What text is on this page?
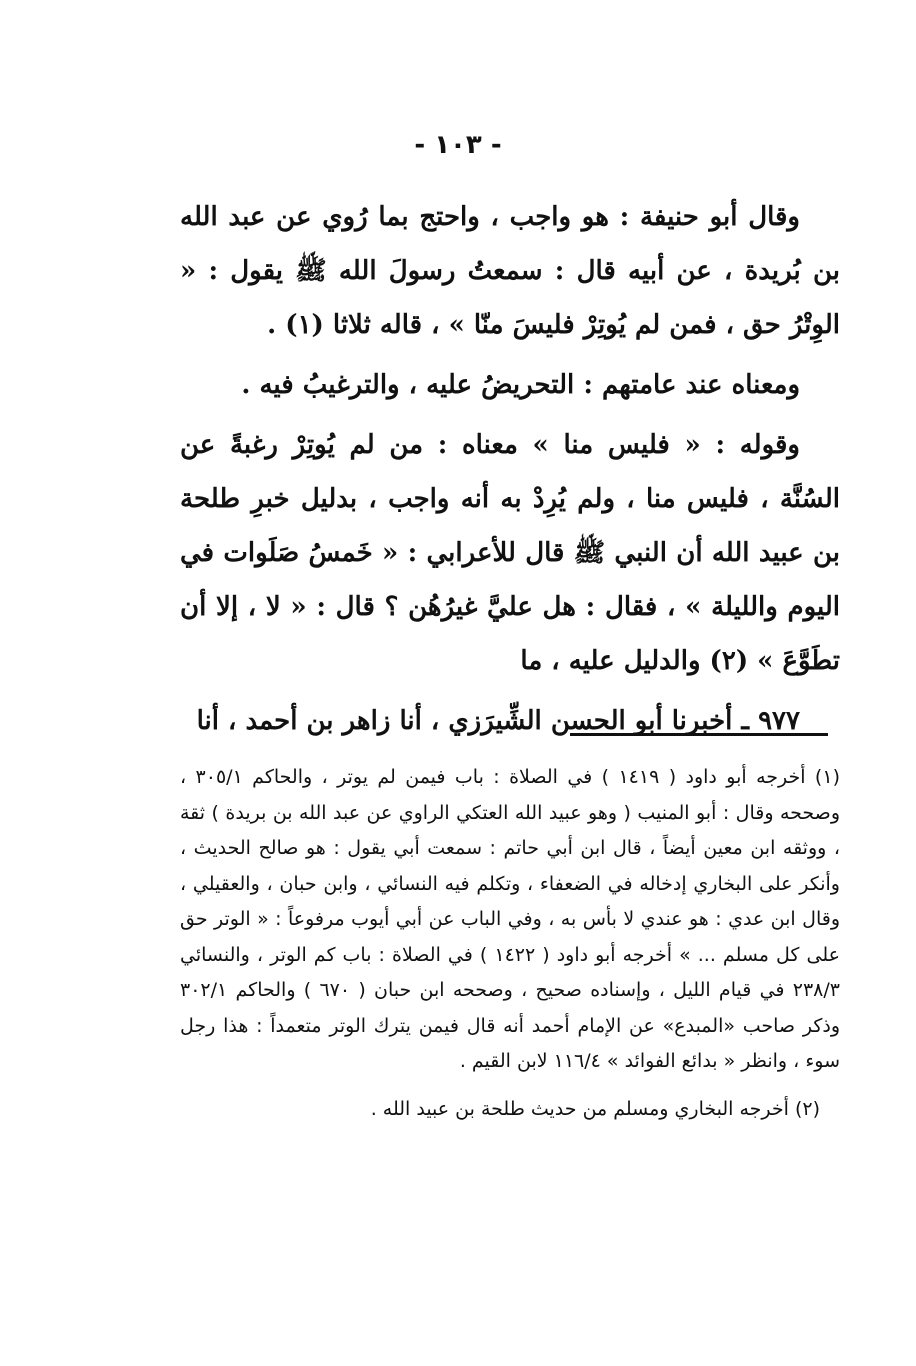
- ١٠٣ -

وقال أبو حنيفة : هو واجب ، واحتج بما رُوي عن عبد الله بن بُريدة ، عن أبيه قال : سمعتُ رسولَ الله ﷺ يقول : « الوِتْرُ حق ، فمن لم يُوتِرْ فليسَ منّا » ، قاله ثلاثا (١) .

ومعناه عند عامتهم : التحريضُ عليه ، والترغيبُ فيه .

وقوله : « فليس منا » معناه : من لم يُوتِرْ رغبةً عن السُنَّة ، فليس منا ، ولم يُرِدْ به أنه واجب ، بدليل خبرِ طلحة بن عبيد الله أن النبي ﷺ قال للأعرابي : « خَمسُ صَلَوات في اليوم والليلة » ، فقال : هل عليَّ غيرُهُن ؟ قال : « لا ، إلا أن تطَوَّعَ » (٢) والدليل عليه ، ما

٩٧٧ ـ أخبرنا أبو الحسن الشِّيرَزي ، أنا زاهر بن أحمد ، أنا

(١) أخرجه أبو داود ( ١٤١٩ ) في الصلاة : باب فيمن لم يوتر ، والحاكم ٣٠٥/١ ، وصححه وقال : أبو المنيب ( وهو عبيد الله العتكي الراوي عن عبد الله بن بريدة ) ثقة ، ووثقه ابن معين أيضاً ، قال ابن أبي حاتم : سمعت أبي يقول : هو صالح الحديث ، وأنكر على البخاري إدخاله في الضعفاء ، وتكلم فيه النسائي ، وابن حبان ، والعقيلي ، وقال ابن عدي : هو عندي لا بأس به ، وفي الباب عن أبي أيوب مرفوعاً : « الوتر حق على كل مسلم ... » أخرجه أبو داود ( ١٤٢٢ ) في الصلاة : باب كم الوتر ، والنسائي ٢٣٨/٣ في قيام الليل ، وإسناده صحيح ، وصححه ابن حبان ( ٦٧٠ ) والحاكم ٣٠٢/١ وذكر صاحب «المبدع» عن الإمام أحمد أنه قال فيمن يترك الوتر متعمداً : هذا رجل سوء ، وانظر « بدائع الفوائد » ١١٦/٤ لابن القيم .

(٢) أخرجه البخاري ومسلم من حديث طلحة بن عبيد الله .
